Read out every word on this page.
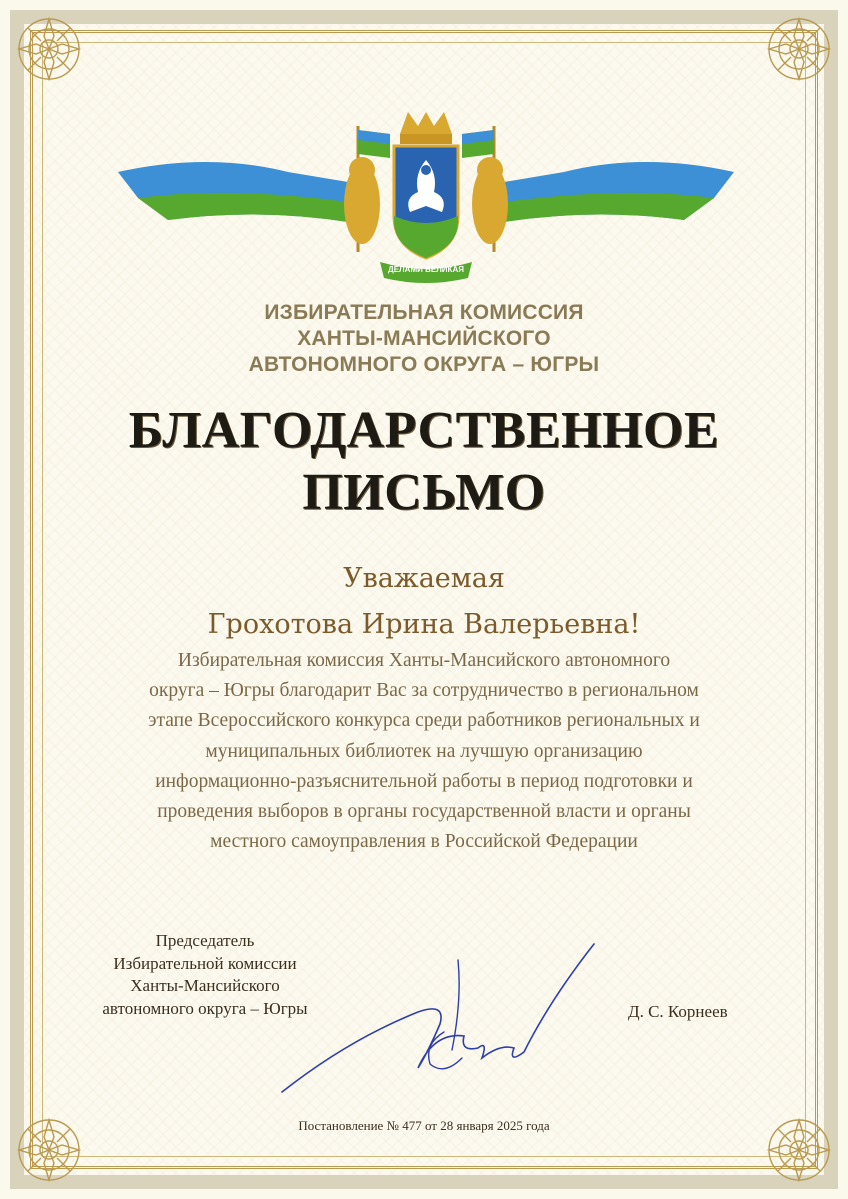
ДЕЛАМИ ВЕЛИКАЯ
ИЗБИРАТЕЛЬНАЯ КОМИССИЯ
ХАНТЫ-МАНСИЙСКОГО
АВТОНОМНОГО ОКРУГА – ЮГРЫ
БЛАГОДАРСТВЕННОЕ
ПИСЬМО
Уважаемая
Грохотова Ирина Валерьевна!
Избирательная комиссия Ханты-Мансийского автономного
округа – Югры благодарит Вас за сотрудничество в региональном
этапе Всероссийского конкурса среди работников региональных и
муниципальных библиотек на лучшую организацию
информационно-разъяснительной работы в период подготовки и
проведения выборов в органы государственной власти и органы
местного самоуправления в Российской Федерации
Председатель
Избирательной комиссии
Ханты-Мансийского
автономного округа – Югры	Д. С. Корнеев
Постановление № 477 от 28 января 2025 года
